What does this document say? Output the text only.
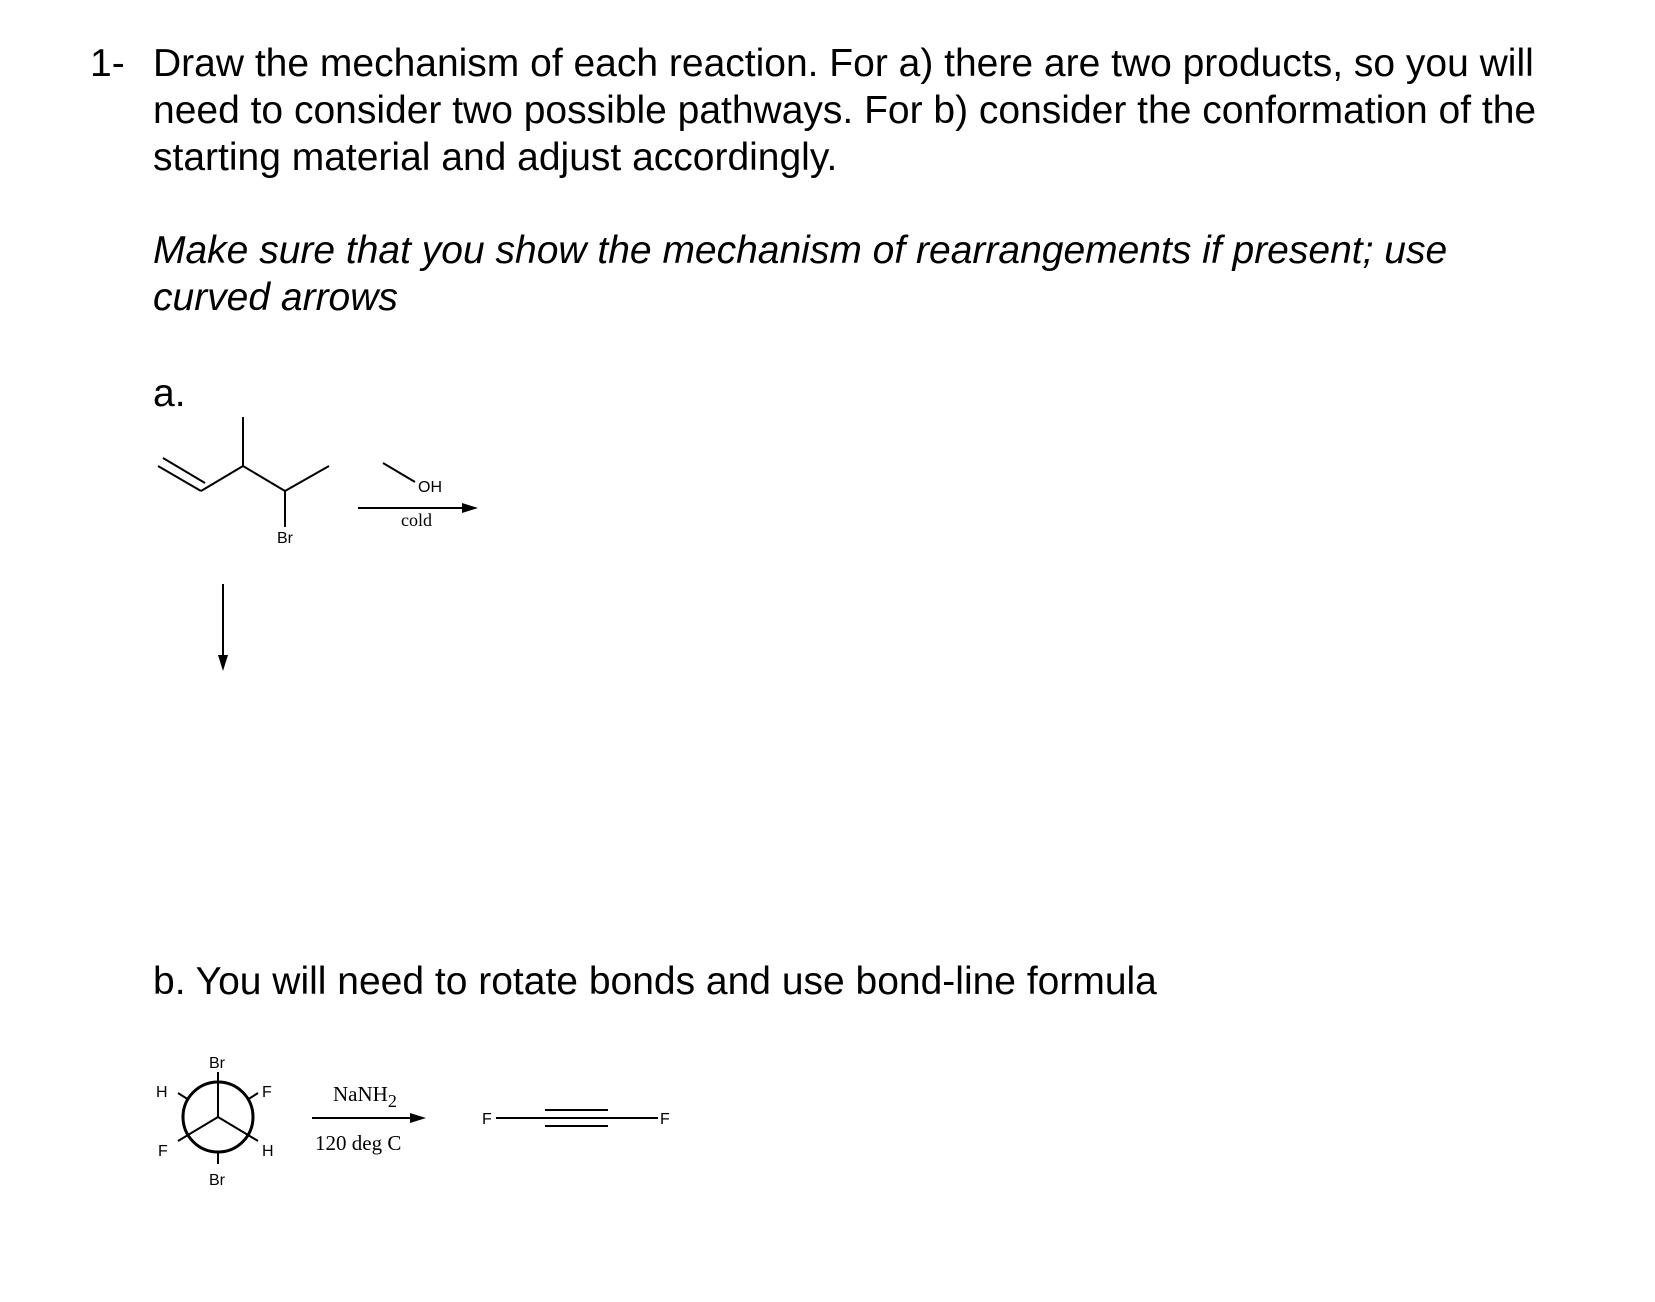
1- Draw the mechanism of each reaction. For a) there are two products, so you will
need to consider two possible pathways. For b) consider the conformation of the
starting material and adjust accordingly.
Make sure that you show the mechanism of rearrangements if present; use
curved arrows
a.
b. You will need to rotate bonds and use bond-line formula
Br
OH
cold
Br
H	F
F	H
Br
NaNH2
120 deg C
F	F
